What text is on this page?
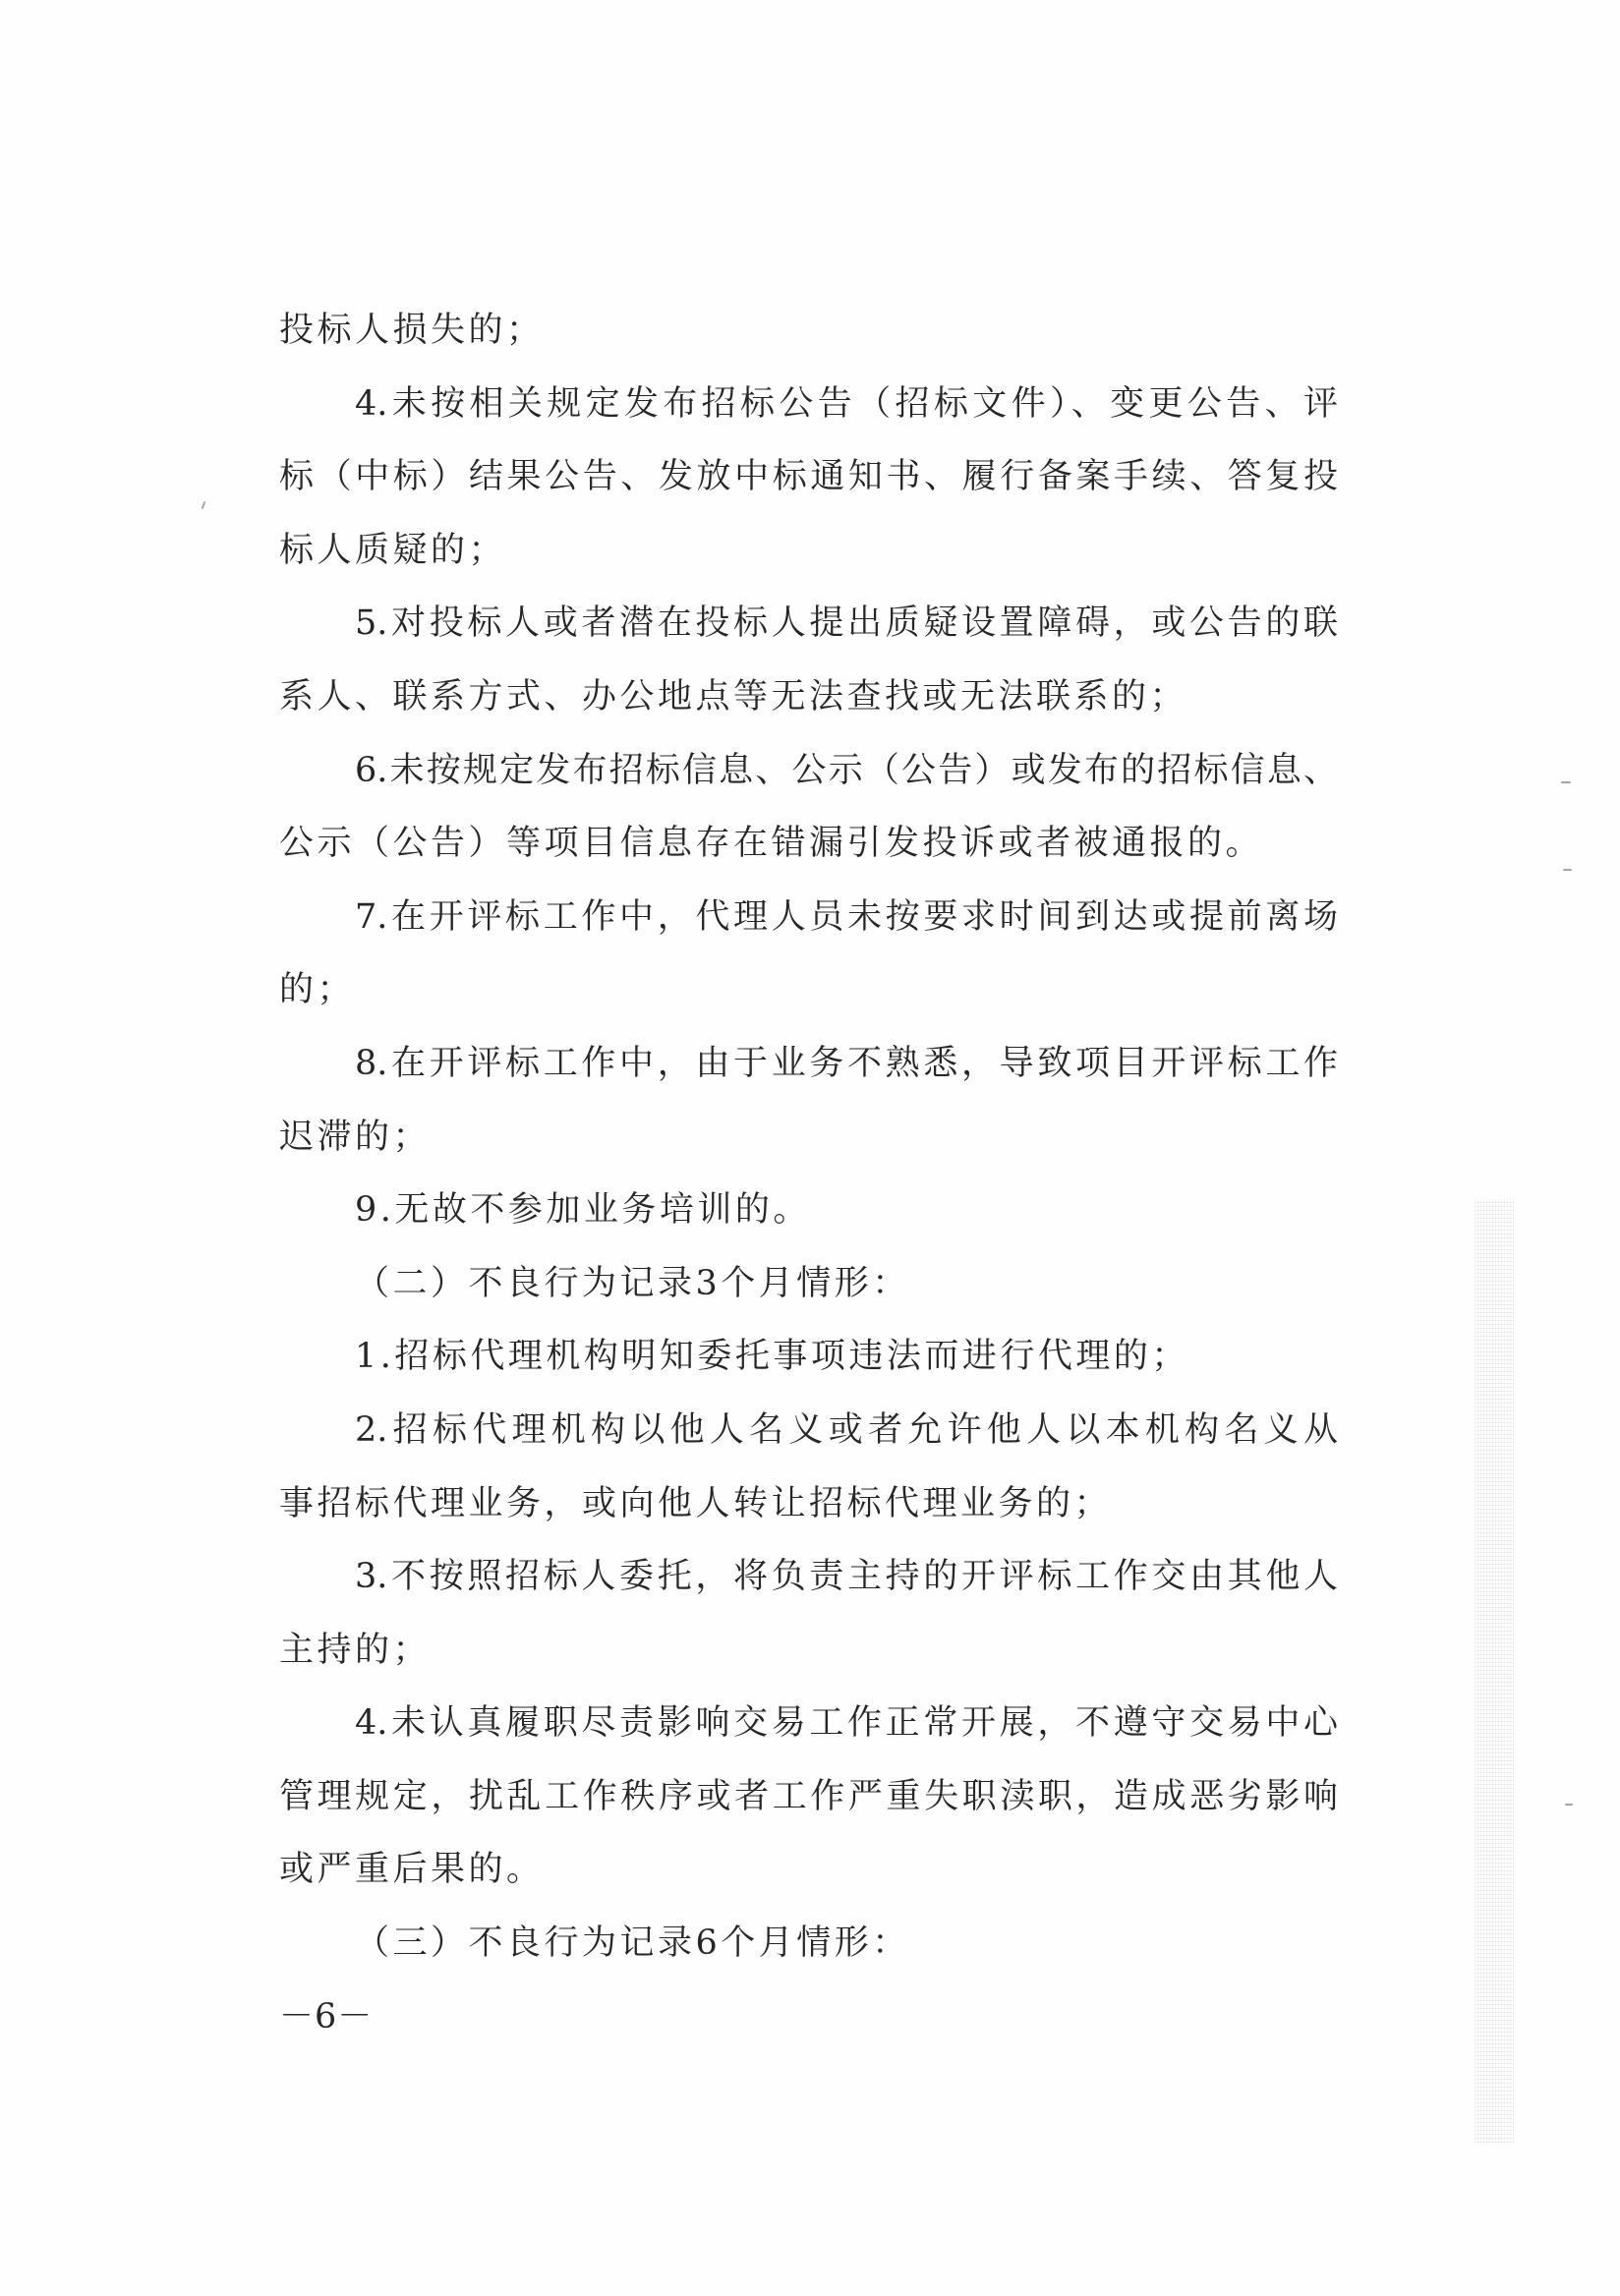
投标人损失的；
4.未按相关规定发布招标公告（招标文件）、变更公告、评
标（中标）结果公告、发放中标通知书、履行备案手续、答复投
标人质疑的；
5.对投标人或者潜在投标人提出质疑设置障碍，或公告的联
系人、联系方式、办公地点等无法查找或无法联系的；
6.未按规定发布招标信息、公示（公告）或发布的招标信息、
公示（公告）等项目信息存在错漏引发投诉或者被通报的。
7.在开评标工作中，代理人员未按要求时间到达或提前离场
的；
8.在开评标工作中，由于业务不熟悉，导致项目开评标工作
迟滞的；
9.无故不参加业务培训的。
（二）不良行为记录3个月情形：
1.招标代理机构明知委托事项违法而进行代理的；
2.招标代理机构以他人名义或者允许他人以本机构名义从
事招标代理业务，或向他人转让招标代理业务的；
3.不按照招标人委托，将负责主持的开评标工作交由其他人
主持的；
4.未认真履职尽责影响交易工作正常开展，不遵守交易中心
管理规定，扰乱工作秩序或者工作严重失职渎职，造成恶劣影响
或严重后果的。
（三）不良行为记录6个月情形：
－6－
